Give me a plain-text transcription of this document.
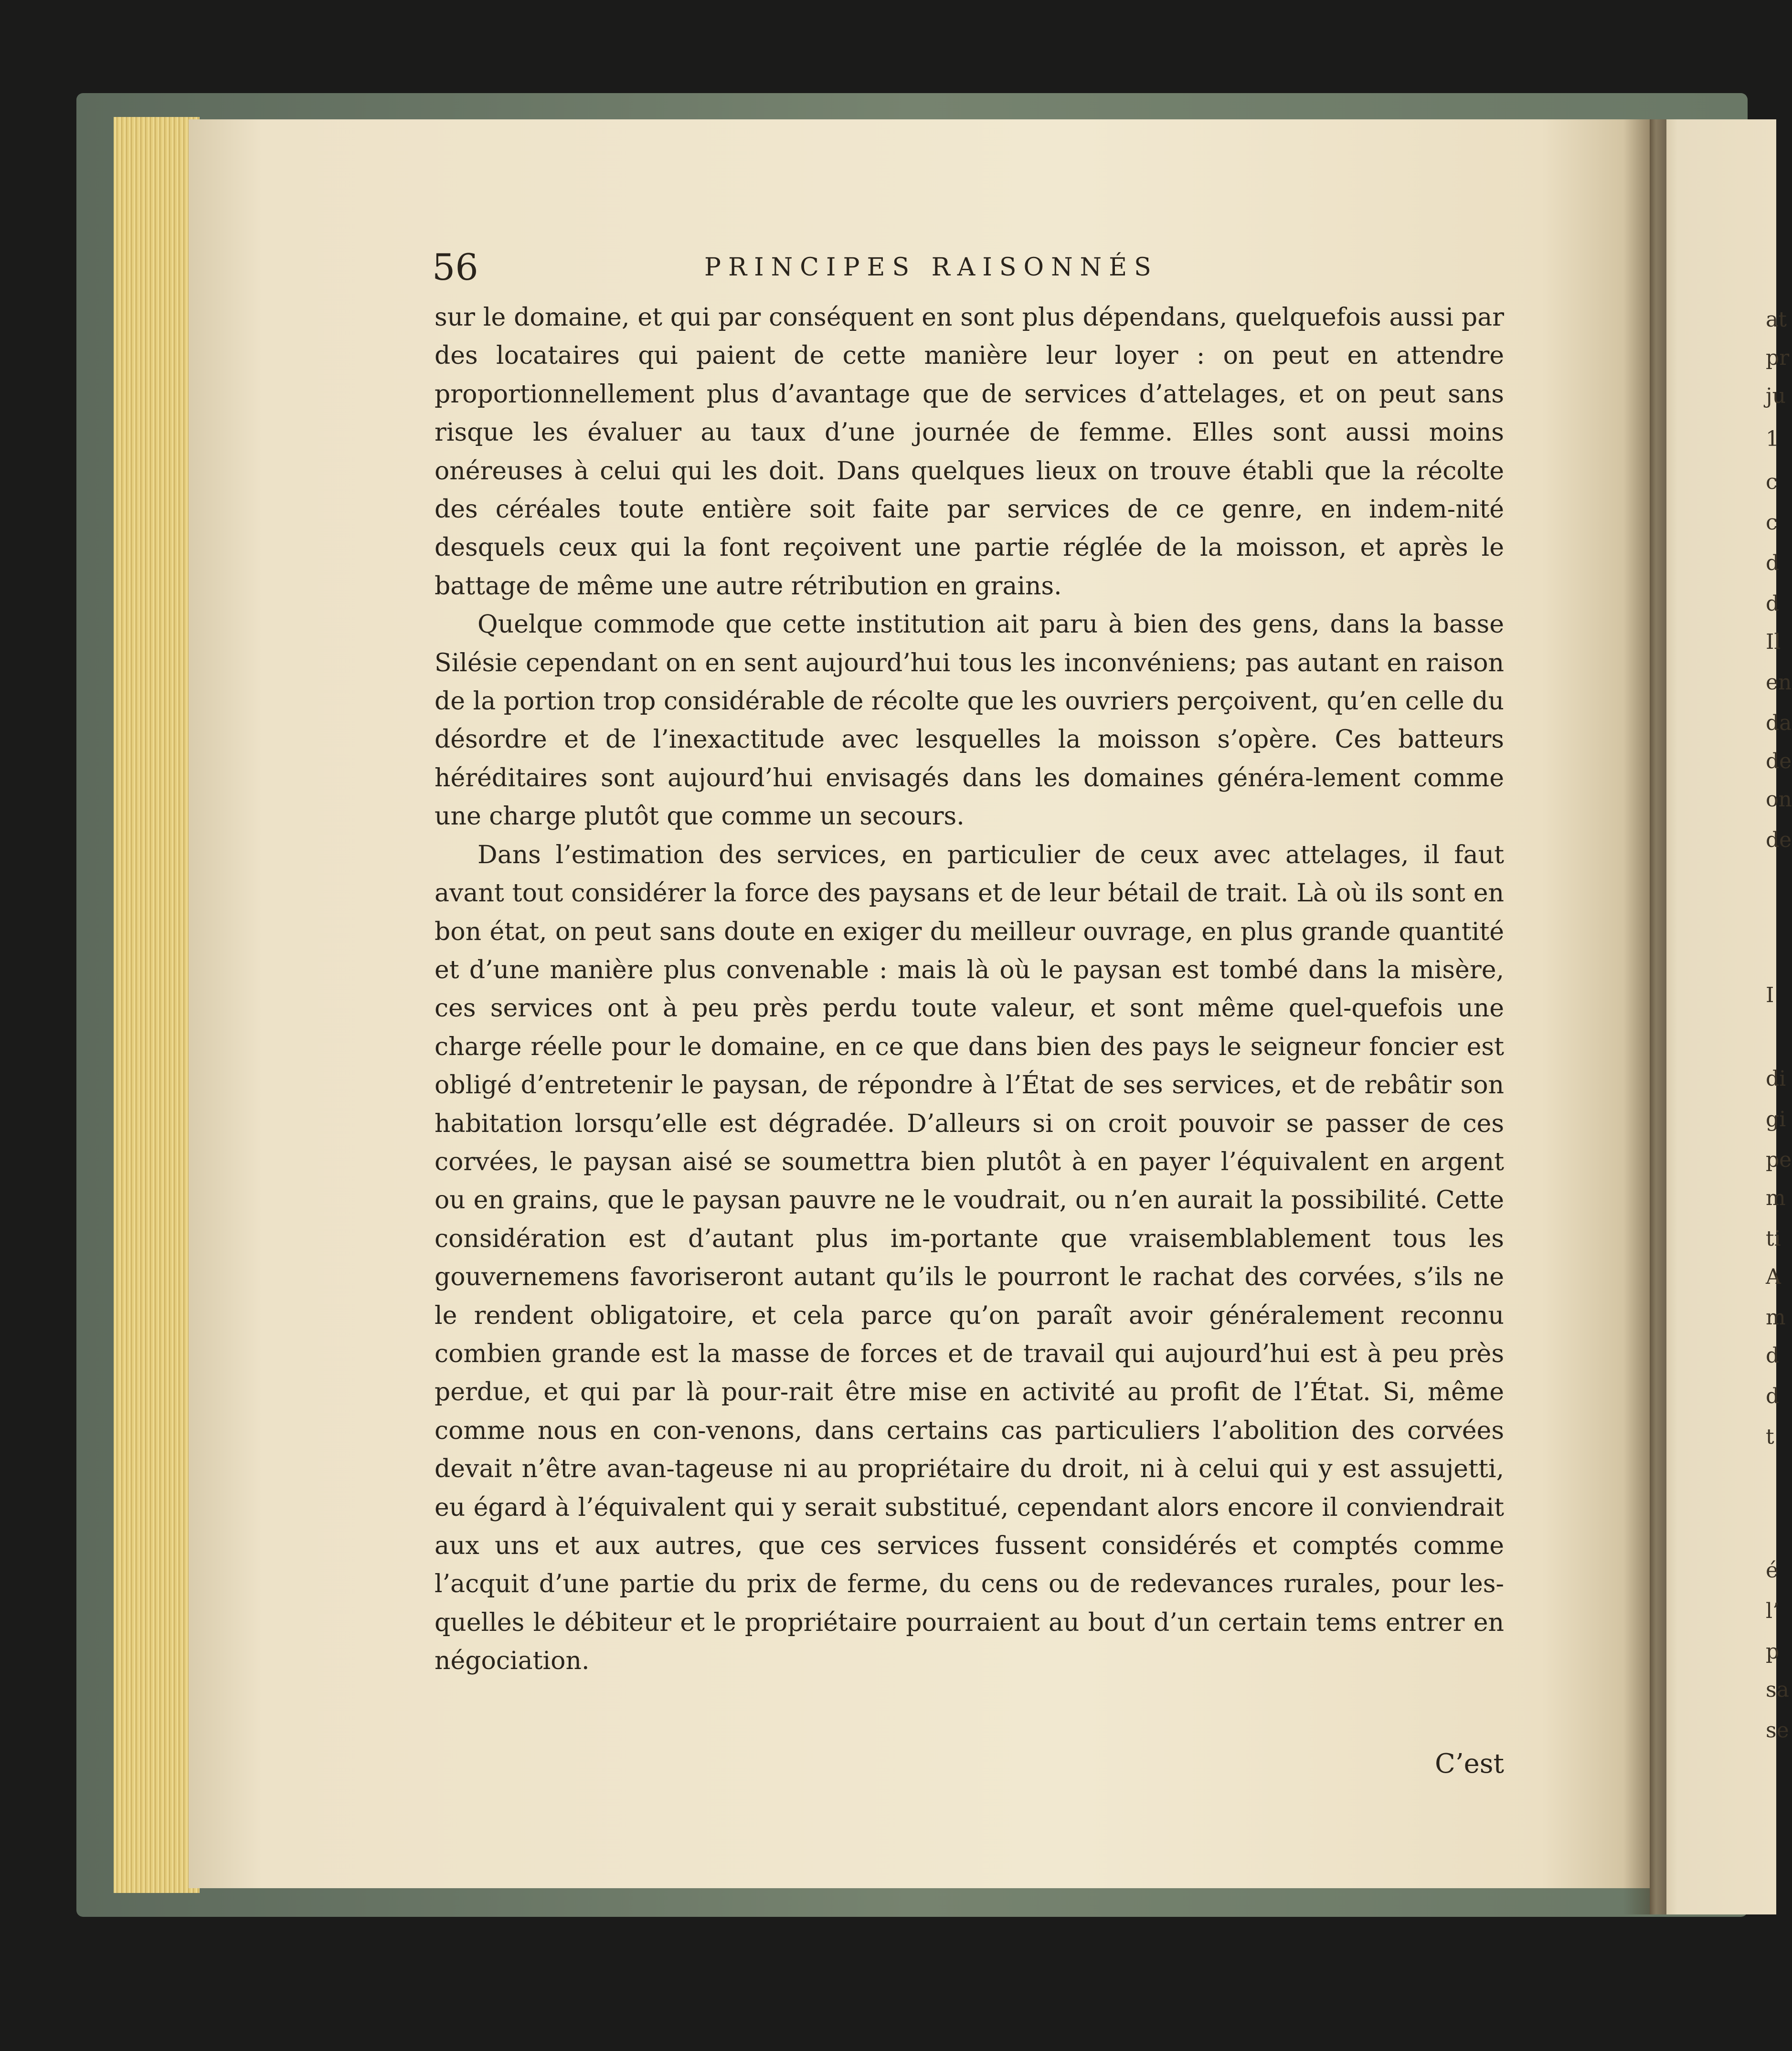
56	PRINCIPES RAISONNÉS

sur le domaine, et qui par conséquent en sont plus dépendans, quelquefois aussi par des locataires qui paient de cette manière leur loyer : on peut en attendre proportionnellement plus d’avantage que de services d’attelages, et on peut sans risque les évaluer au taux d’une journée de femme. Elles sont aussi moins onéreuses à celui qui les doit. Dans quelques lieux on trouve établi que la récolte des céréales toute entière soit faite par services de ce genre, en indem-nité desquels ceux qui la font reçoivent une partie réglée de la moisson, et après le battage de même une autre rétribution en grains.

Quelque commode que cette institution ait paru à bien des gens, dans la basse Silésie cependant on en sent aujourd’hui tous les inconvéniens; pas autant en raison de la portion trop considérable de récolte que les ouvriers perçoivent, qu’en celle du désordre et de l’inexactitude avec lesquelles la moisson s’opère. Ces batteurs héréditaires sont aujourd’hui envisagés dans les domaines généra-lement comme une charge plutôt que comme un secours.

Dans l’estimation des services, en particulier de ceux avec attelages, il faut avant tout considérer la force des paysans et de leur bétail de trait. Là où ils sont en bon état, on peut sans doute en exiger du meilleur ouvrage, en plus grande quantité et d’une manière plus convenable : mais là où le paysan est tombé dans la misère, ces services ont à peu près perdu toute valeur, et sont même quel-quefois une charge réelle pour le domaine, en ce que dans bien des pays le seigneur foncier est obligé d’entretenir le paysan, de répondre à l’État de ses services, et de rebâtir son habitation lorsqu’elle est dégradée. D’alleurs si on croit pouvoir se passer de ces corvées, le paysan aisé se soumettra bien plutôt à en payer l’équivalent en argent ou en grains, que le paysan pauvre ne le voudrait, ou n’en aurait la possibilité. Cette considération est d’autant plus im-portante que vraisemblablement tous les gouvernemens favoriseront autant qu’ils le pourront le rachat des corvées, s’ils ne le rendent obligatoire, et cela parce qu’on paraît avoir généralement reconnu combien grande est la masse de forces et de travail qui aujourd’hui est à peu près perdue, et qui par là pour-rait être mise en activité au profit de l’État. Si, même comme nous en con-venons, dans certains cas particuliers l’abolition des corvées devait n’être avan-tageuse ni au propriétaire du droit, ni à celui qui y est assujetti, eu égard à l’équivalent qui y serait substitué, cependant alors encore il conviendrait aux uns et aux autres, que ces services fussent considérés et comptés comme l’acquit d’une partie du prix de ferme, du cens ou de redevances rurales, pour les-quelles le débiteur et le propriétaire pourraient au bout d’un certain tems entrer en négociation.

C’est
at
pr
ju
1
c
c
d
d
Il
en
da
de
on
de
I
di
gi
pe
m
ti
A
m
d
d
t
é
l’
p
sa
se
